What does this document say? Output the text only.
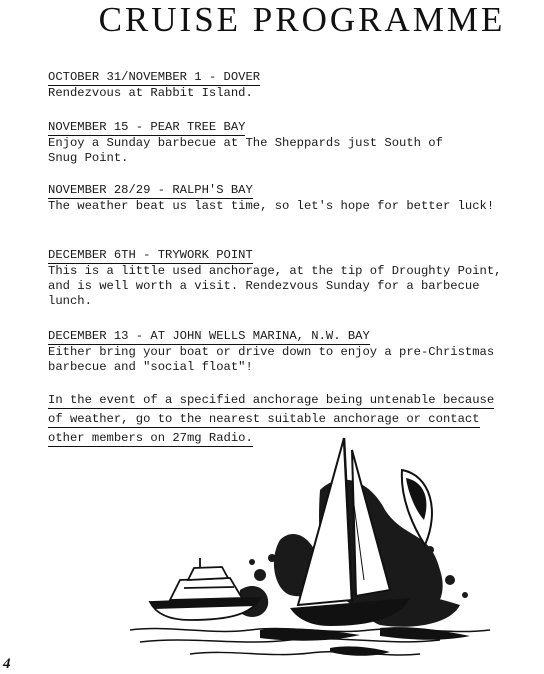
CRUISE PROGRAMME
OCTOBER 31/NOVEMBER 1 - DOVER
Rendezvous at Rabbit Island.
NOVEMBER 15 - PEAR TREE BAY
Enjoy a Sunday barbecue at The Sheppards just South of
Snug Point.
NOVEMBER 28/29 - RALPH'S BAY
The weather beat us last time, so let's hope for better luck!
DECEMBER 6TH - TRYWORK POINT
This is a little used anchorage, at the tip of Droughty Point,
and is well worth a visit. Rendezvous Sunday for a barbecue
lunch.
DECEMBER 13 - AT JOHN WELLS MARINA, N.W. BAY
Either bring your boat or drive down to enjoy a pre-Christmas
barbecue and "social float"!
In the event of a specified anchorage being untenable because
of weather, go to the nearest suitable anchorage or contact
other members on 27mg Radio.
4
